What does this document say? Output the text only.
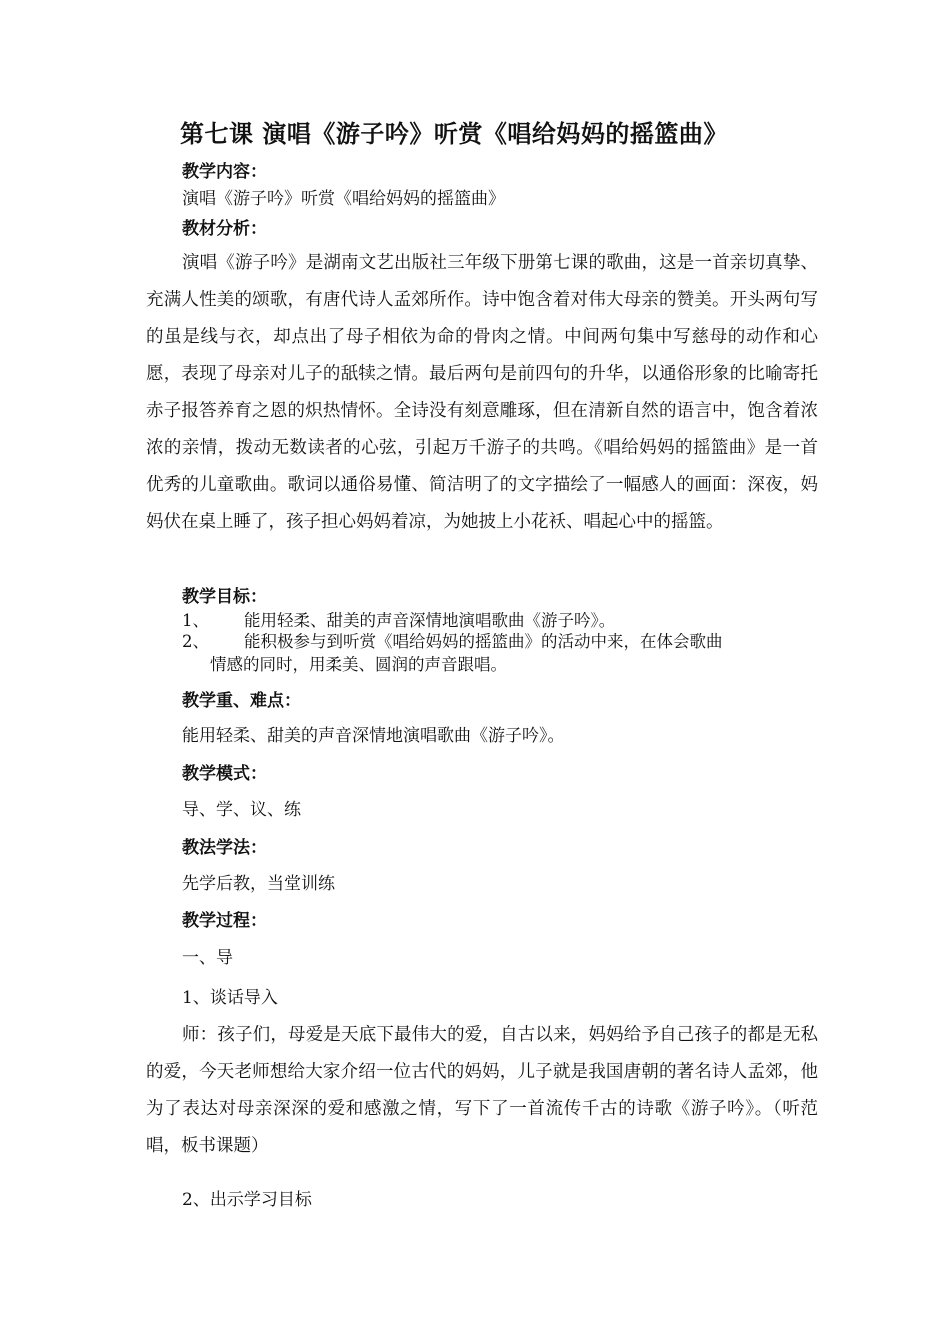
第七课 演唱《游子吟》听赏《唱给妈妈的摇篮曲》
教学内容：
演唱《游子吟》听赏《唱给妈妈的摇篮曲》
教材分析：

演唱《游子吟》是湖南文艺出版社三年级下册第七课的歌曲，这是一首亲切真挚、充满人性美的颂歌，有唐代诗人孟郊所作。诗中饱含着对伟大母亲的赞美。开头两句写的虽是线与衣，却点出了母子相依为命的骨肉之情。中间两句集中写慈母的动作和心愿，表现了母亲对儿子的舐犊之情。最后两句是前四句的升华，以通俗形象的比喻寄托赤子报答养育之恩的炽热情怀。全诗没有刻意雕琢，但在清新自然的语言中，饱含着浓浓的亲情，拨动无数读者的心弦，引起万千游子的共鸣。《唱给妈妈的摇篮曲》是一首优秀的儿童歌曲。歌词以通俗易懂、简洁明了的文字描绘了一幅感人的画面：深夜，妈妈伏在桌上睡了，孩子担心妈妈着凉，为她披上小花袄、唱起心中的摇篮。

教学目标：
1、 能用轻柔、甜美的声音深情地演唱歌曲《游子吟》。
2、 能积极参与到听赏《唱给妈妈的摇篮曲》的活动中来，在体会歌曲
情感的同时，用柔美、圆润的声音跟唱。
教学重、难点：
能用轻柔、甜美的声音深情地演唱歌曲《游子吟》。
教学模式：
导、学、议、练
教法学法：
先学后教，当堂训练
教学过程：
一、导
1、谈话导入

师：孩子们，母爱是天底下最伟大的爱，自古以来，妈妈给予自己孩子的都是无私的爱，今天老师想给大家介绍一位古代的妈妈，儿子就是我国唐朝的著名诗人孟郊，他为了表达对母亲深深的爱和感激之情，写下了一首流传千古的诗歌《游子吟》。（听范唱，板书课题）

2、出示学习目标
